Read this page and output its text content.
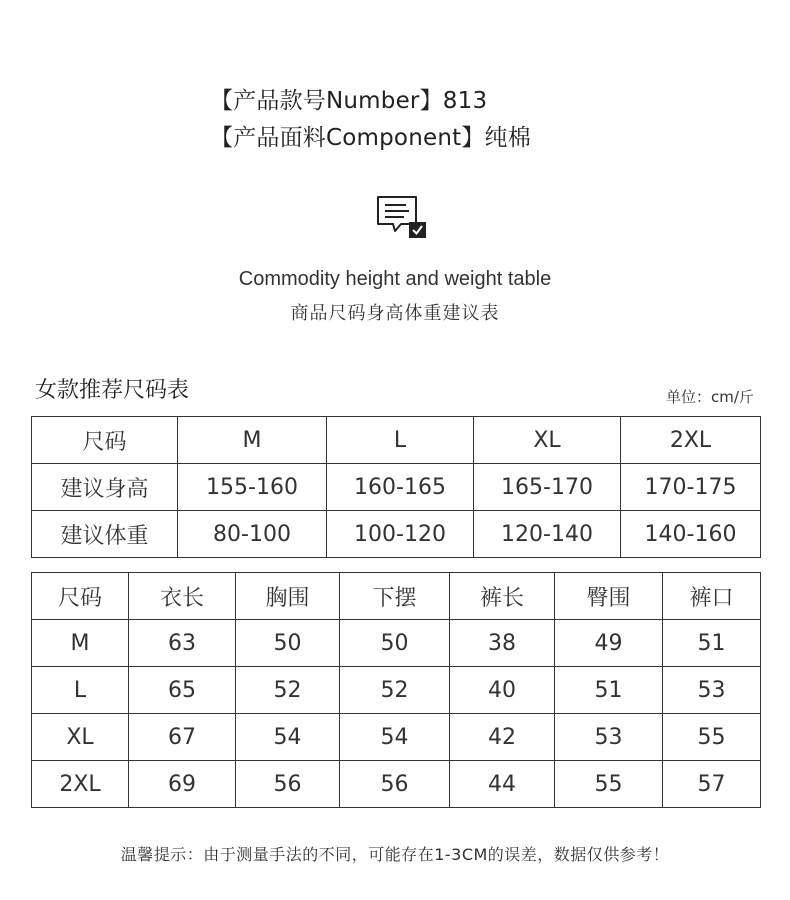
【产品款号Number】813
【产品面料Component】纯棉
Commodity height and weight table
商品尺码身高体重建议表
女款推荐尺码表	单位：cm/斤
尺码	M	L	XL	2XL
建议身高	155-160	160-165	165-170	170-175
建议体重	80-100	100-120	120-140	140-160
尺码	衣长	胸围	下摆	裤长	臀围	裤口
M	63	50	50	38	49	51
L	65	52	52	40	51	53
XL	67	54	54	42	53	55
2XL	69	56	56	44	55	57
温馨提示：由于测量手法的不同，可能存在1-3CM的误差，数据仅供参考！
